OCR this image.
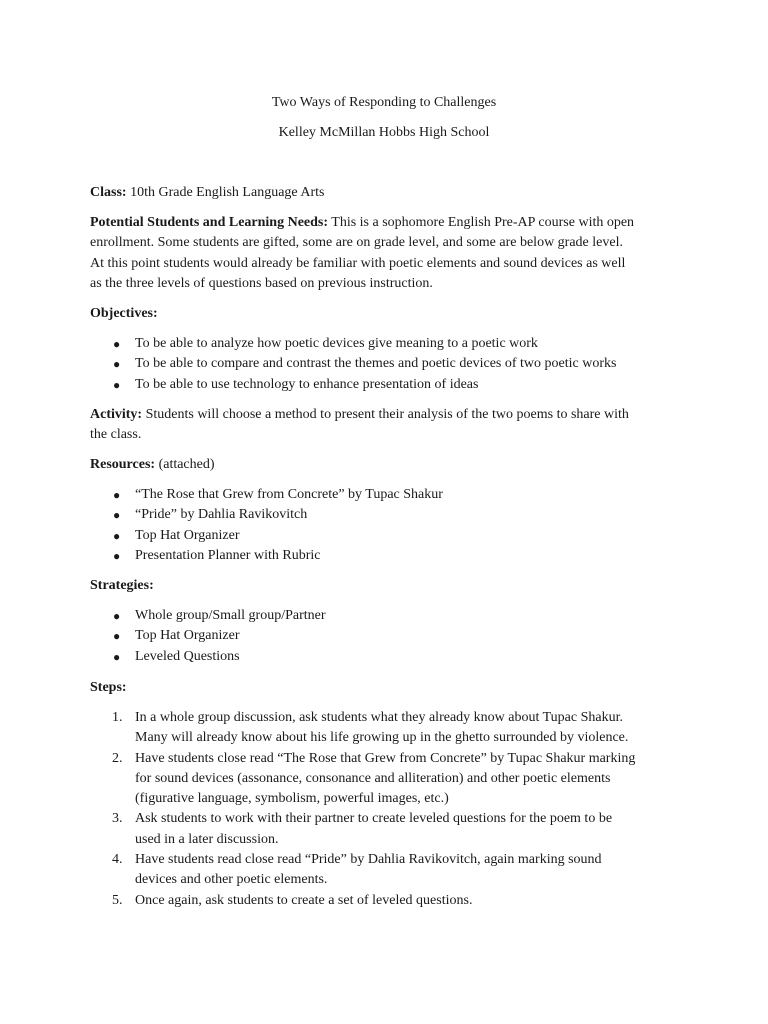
Two Ways of Responding to Challenges
Kelley McMillan Hobbs High School
Class: 10th Grade English Language Arts
Potential Students and Learning Needs: This is a sophomore English Pre-AP course with open
enrollment. Some students are gifted, some are on grade level, and some are below grade level.
At this point students would already be familiar with poetic elements and sound devices as well
as the three levels of questions based on previous instruction.
Objectives:
● To be able to analyze how poetic devices give meaning to a poetic work
● To be able to compare and contrast the themes and poetic devices of two poetic works
● To be able to use technology to enhance presentation of ideas
Activity: Students will choose a method to present their analysis of the two poems to share with
the class.
Resources: (attached)
● “The Rose that Grew from Concrete” by Tupac Shakur
● “Pride” by Dahlia Ravikovitch
● Top Hat Organizer
● Presentation Planner with Rubric
Strategies:
● Whole group/Small group/Partner
● Top Hat Organizer
● Leveled Questions
Steps:
1. In a whole group discussion, ask students what they already know about Tupac Shakur.
Many will already know about his life growing up in the ghetto surrounded by violence.
2. Have students close read “The Rose that Grew from Concrete” by Tupac Shakur marking
for sound devices (assonance, consonance and alliteration) and other poetic elements
(figurative language, symbolism, powerful images, etc.)
3. Ask students to work with their partner to create leveled questions for the poem to be
used in a later discussion.
4. Have students read close read “Pride” by Dahlia Ravikovitch, again marking sound
devices and other poetic elements.
5. Once again, ask students to create a set of leveled questions.
